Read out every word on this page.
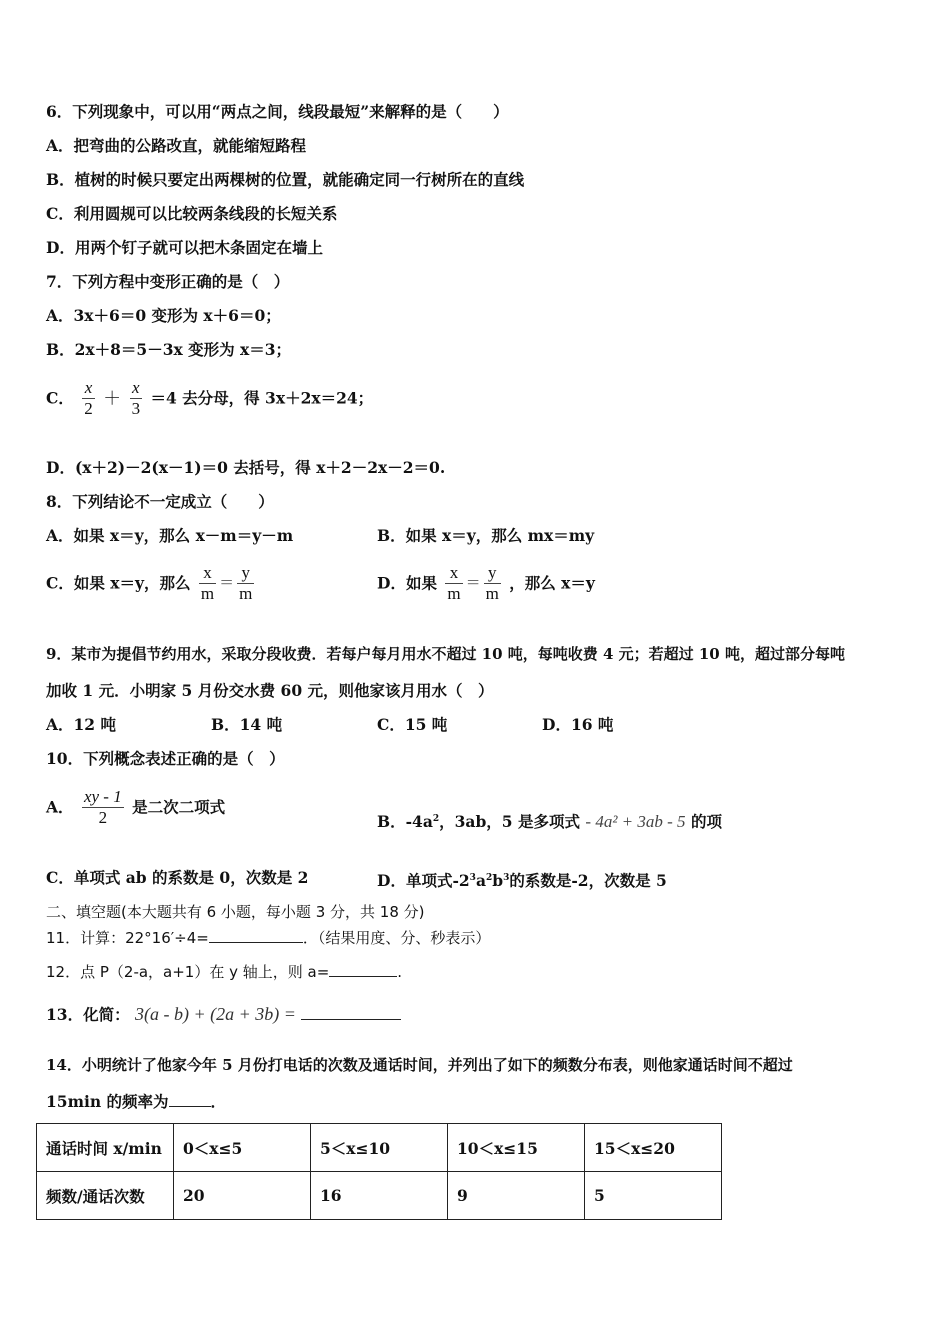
6．下列现象中，可以用“两点之间，线段最短”来解释的是（　　）
A．把弯曲的公路改直，就能缩短路程
B．植树的时候只要定出两棵树的位置，就能确定同一行树所在的直线
C．利用圆规可以比较两条线段的长短关系
D．用两个钉子就可以把木条固定在墙上
7．下列方程中变形正确的是（　）
A．3x＋6＝0 变形为 x＋6＝0；
B．2x＋8＝5－3x 变形为 x＝3；
C． $\frac{x}{2} + \frac{x}{3} =4$ 去分母，得 3x＋2x＝24；
D．(x＋2)－2(x－1)＝0 去括号，得 x＋2－2x－2＝0.
8．下列结论不一定成立（　　）
A．如果 x＝y，那么 x－m＝y－m	B．如果 x＝y，那么 mx＝my
C．如果 x＝y，那么 $\frac{x}{m} = \frac{y}{m}$	D．如果 $\frac{x}{m} = \frac{y}{m}$ ，那么 x＝y
9．某市为提倡节约用水，采取分段收费．若每户每月用水不超过 10 吨，每吨收费 4 元；若超过 10 吨，超过部分每吨
加收 1 元．小明家 5 月份交水费 60 元，则他家该月用水（　）
A．12 吨	B．14 吨	C．15 吨	D．16 吨
10．下列概念表述正确的是（　）
A． $\frac{xy - 1}{2}$ 是二次二项式
B．$-4a^2$，3ab，5 是多项式 - 4a² + 3ab - 5 的项
C．单项式 ab 的系数是 0，次数是 2	D．单项式$-2^3a^2b^3$的系数是-2，次数是 5
二、填空题(本大题共有 6 小题，每小题 3 分，共 18 分)
11．计算：22°16′÷4=	．（结果用度、分、秒表示）
12．点 P（2-a，a+1）在 y 轴上，则 a=	.
13．化简： 3(a - b) + (2a + 3b) =
14．小明统计了他家今年 5 月份打电话的次数及通话时间，并列出了如下的频数分布表，则他家通话时间不超过
15min 的频率为	．
通话时间 x/min	0＜x≤5	5＜x≤10	10＜x≤15	15＜x≤20
频数/通话次数	20	16	9	5
